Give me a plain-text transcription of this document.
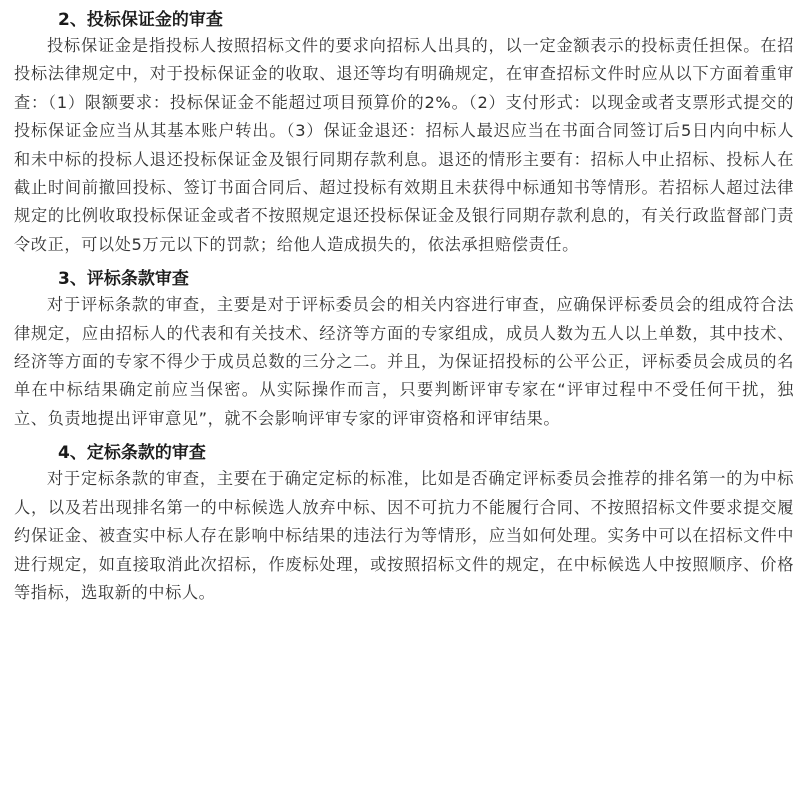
2、投标保证金的审查

投标保证金是指投标人按照招标文件的要求向招标人出具的，以一定金额表示的投标责任担保。在招投标法律规定中，对于投标保证金的收取、退还等均有明确规定，在审查招标文件时应从以下方面着重审查：（1）限额要求：投标保证金不能超过项目预算价的2%。（2）支付形式：以现金或者支票形式提交的投标保证金应当从其基本账户转出。（3）保证金退还：招标人最迟应当在书面合同签订后5日内向中标人和未中标的投标人退还投标保证金及银行同期存款利息。退还的情形主要有：招标人中止招标、投标人在截止时间前撤回投标、签订书面合同后、超过投标有效期且未获得中标通知书等情形。若招标人超过法律规定的比例收取投标保证金或者不按照规定退还投标保证金及银行同期存款利息的，有关行政监督部门责令改正，可以处5万元以下的罚款；给他人造成损失的，依法承担赔偿责任。

3、评标条款审查

对于评标条款的审查，主要是对于评标委员会的相关内容进行审查，应确保评标委员会的组成符合法律规定，应由招标人的代表和有关技术、经济等方面的专家组成，成员人数为五人以上单数，其中技术、经济等方面的专家不得少于成员总数的三分之二。并且，为保证招投标的公平公正，评标委员会成员的名单在中标结果确定前应当保密。从实际操作而言，只要判断评审专家在“评审过程中不受任何干扰，独立、负责地提出评审意见”，就不会影响评审专家的评审资格和评审结果。

4、定标条款的审查

对于定标条款的审查，主要在于确定定标的标准，比如是否确定评标委员会推荐的排名第一的为中标人，以及若出现排名第一的中标候选人放弃中标、因不可抗力不能履行合同、不按照招标文件要求提交履约保证金、被查实中标人存在影响中标结果的违法行为等情形，应当如何处理。实务中可以在招标文件中进行规定，如直接取消此次招标，作废标处理，或按照招标文件的规定，在中标候选人中按照顺序、价格等指标，选取新的中标人。
